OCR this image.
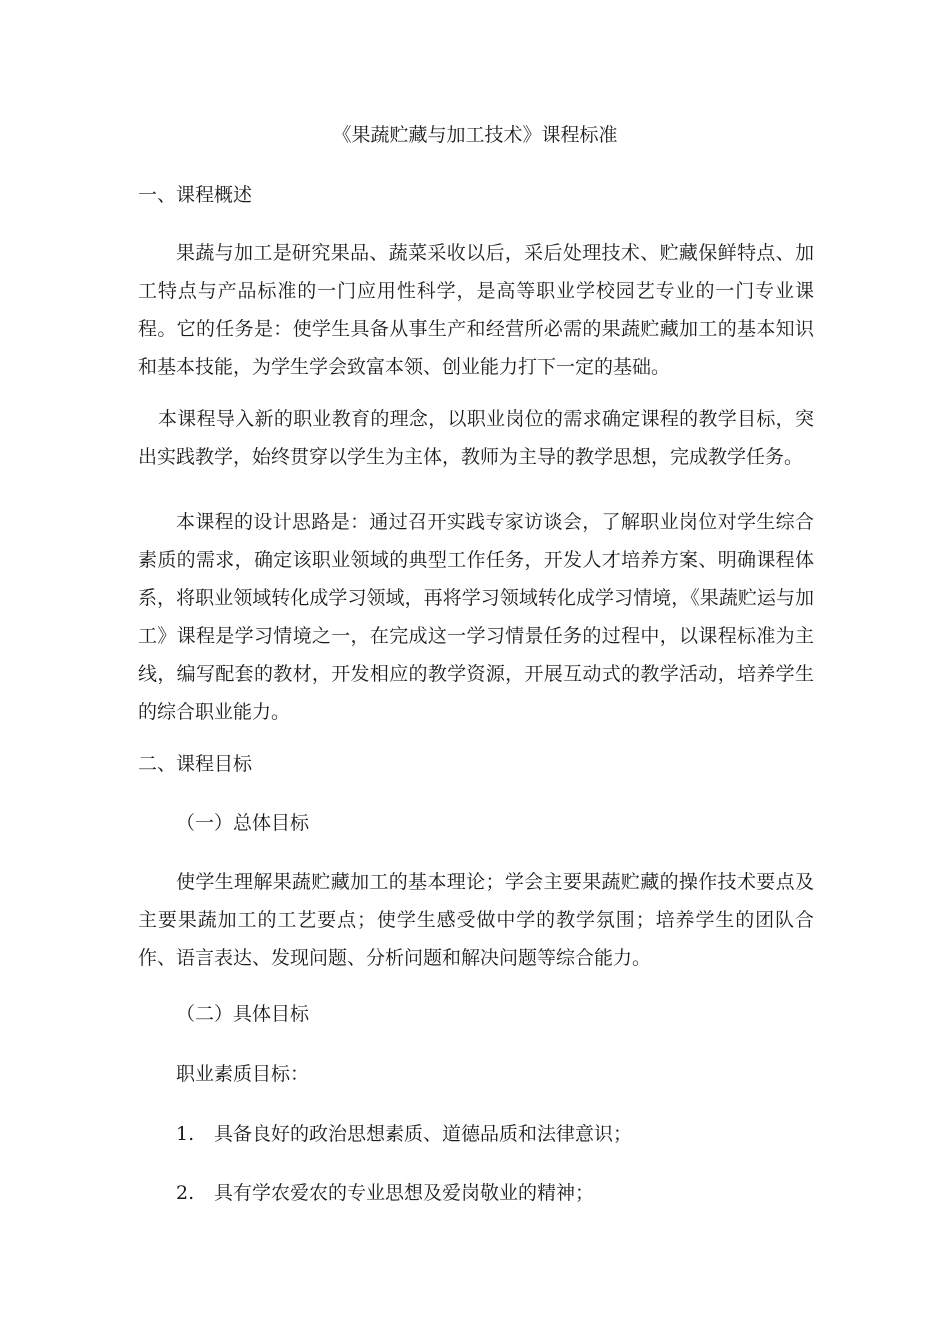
《果蔬贮藏与加工技术》课程标准
一、课程概述
果蔬与加工是研究果品、蔬菜采收以后，采后处理技术、贮藏保鲜特点、加工特点与产品标准的一门应用性科学，是高等职业学校园艺专业的一门专业课程。它的任务是：使学生具备从事生产和经营所必需的果蔬贮藏加工的基本知识和基本技能，为学生学会致富本领、创业能力打下一定的基础。
本课程导入新的职业教育的理念，以职业岗位的需求确定课程的教学目标，突出实践教学，始终贯穿以学生为主体，教师为主导的教学思想，完成教学任务。
本课程的设计思路是：通过召开实践专家访谈会，了解职业岗位对学生综合素质的需求，确定该职业领域的典型工作任务，开发人才培养方案、明确课程体系，将职业领域转化成学习领域，再将学习领域转化成学习情境，《果蔬贮运与加工》课程是学习情境之一，在完成这一学习情景任务的过程中，以课程标准为主线，编写配套的教材，开发相应的教学资源，开展互动式的教学活动，培养学生的综合职业能力。
二、课程目标
（一）总体目标
使学生理解果蔬贮藏加工的基本理论；学会主要果蔬贮藏的操作技术要点及主要果蔬加工的工艺要点；使学生感受做中学的教学氛围；培养学生的团队合作、语言表达、发现问题、分析问题和解决问题等综合能力。
（二）具体目标
职业素质目标：
1. 具备良好的政治思想素质、道德品质和法律意识；
2. 具有学农爱农的专业思想及爱岗敬业的精神；
